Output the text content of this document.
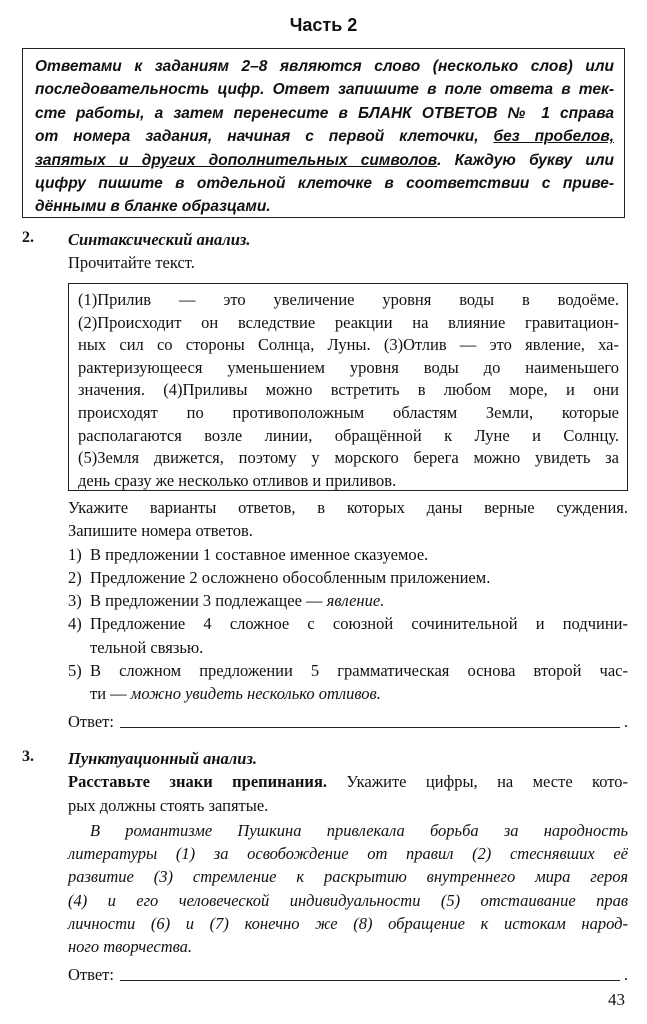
Часть 2
Ответами к заданиям 2–8 являются слово (несколько слов) или
последовательность цифр. Ответ запишите в поле ответа в тек-
сте работы, а затем перенесите в БЛАНК ОТВЕТОВ № 1 справа
от номера задания, начиная с первой клеточки, без пробелов,
запятых и других дополнительных символов. Каждую букву или
цифру пишите в отдельной клеточке в соответствии с приве-
дёнными в бланке образцами.
2. Синтаксический анализ.
Прочитайте текст.
(1)Прилив — это увеличение уровня воды в водоёме.
(2)Происходит он вследствие реакции на влияние гравитацион-
ных сил со стороны Солнца, Луны. (3)Отлив — это явление, ха-
рактеризующееся уменьшением уровня воды до наименьшего
значения. (4)Приливы можно встретить в любом море, и они
происходят по противоположным областям Земли, которые
располагаются возле линии, обращённой к Луне и Солнцу.
(5)Земля движется, поэтому у морского берега можно увидеть за
день сразу же несколько отливов и приливов.
Укажите варианты ответов, в которых даны верные суждения.
Запишите номера ответов.
1) В предложении 1 составное именное сказуемое.
2) Предложение 2 осложнено обособленным приложением.
3) В предложении 3 подлежащее — явление.
4) Предложение 4 сложное с союзной сочинительной и подчини-
тельной связью.
5) В сложном предложении 5 грамматическая основа второй час-
ти — можно увидеть несколько отливов.
Ответ:	.
3. Пунктуационный анализ.
Расставьте знаки препинания. Укажите цифры, на месте кото-
рых должны стоять запятые.
В романтизме Пушкина привлекала борьба за народность
литературы (1) за освобождение от правил (2) стеснявших её
развитие (3) стремление к раскрытию внутреннего мира героя
(4) и его человеческой индивидуальности (5) отстаивание прав
личности (6) и (7) конечно же (8) обращение к истокам народ-
ного творчества.
Ответ:	.
43
